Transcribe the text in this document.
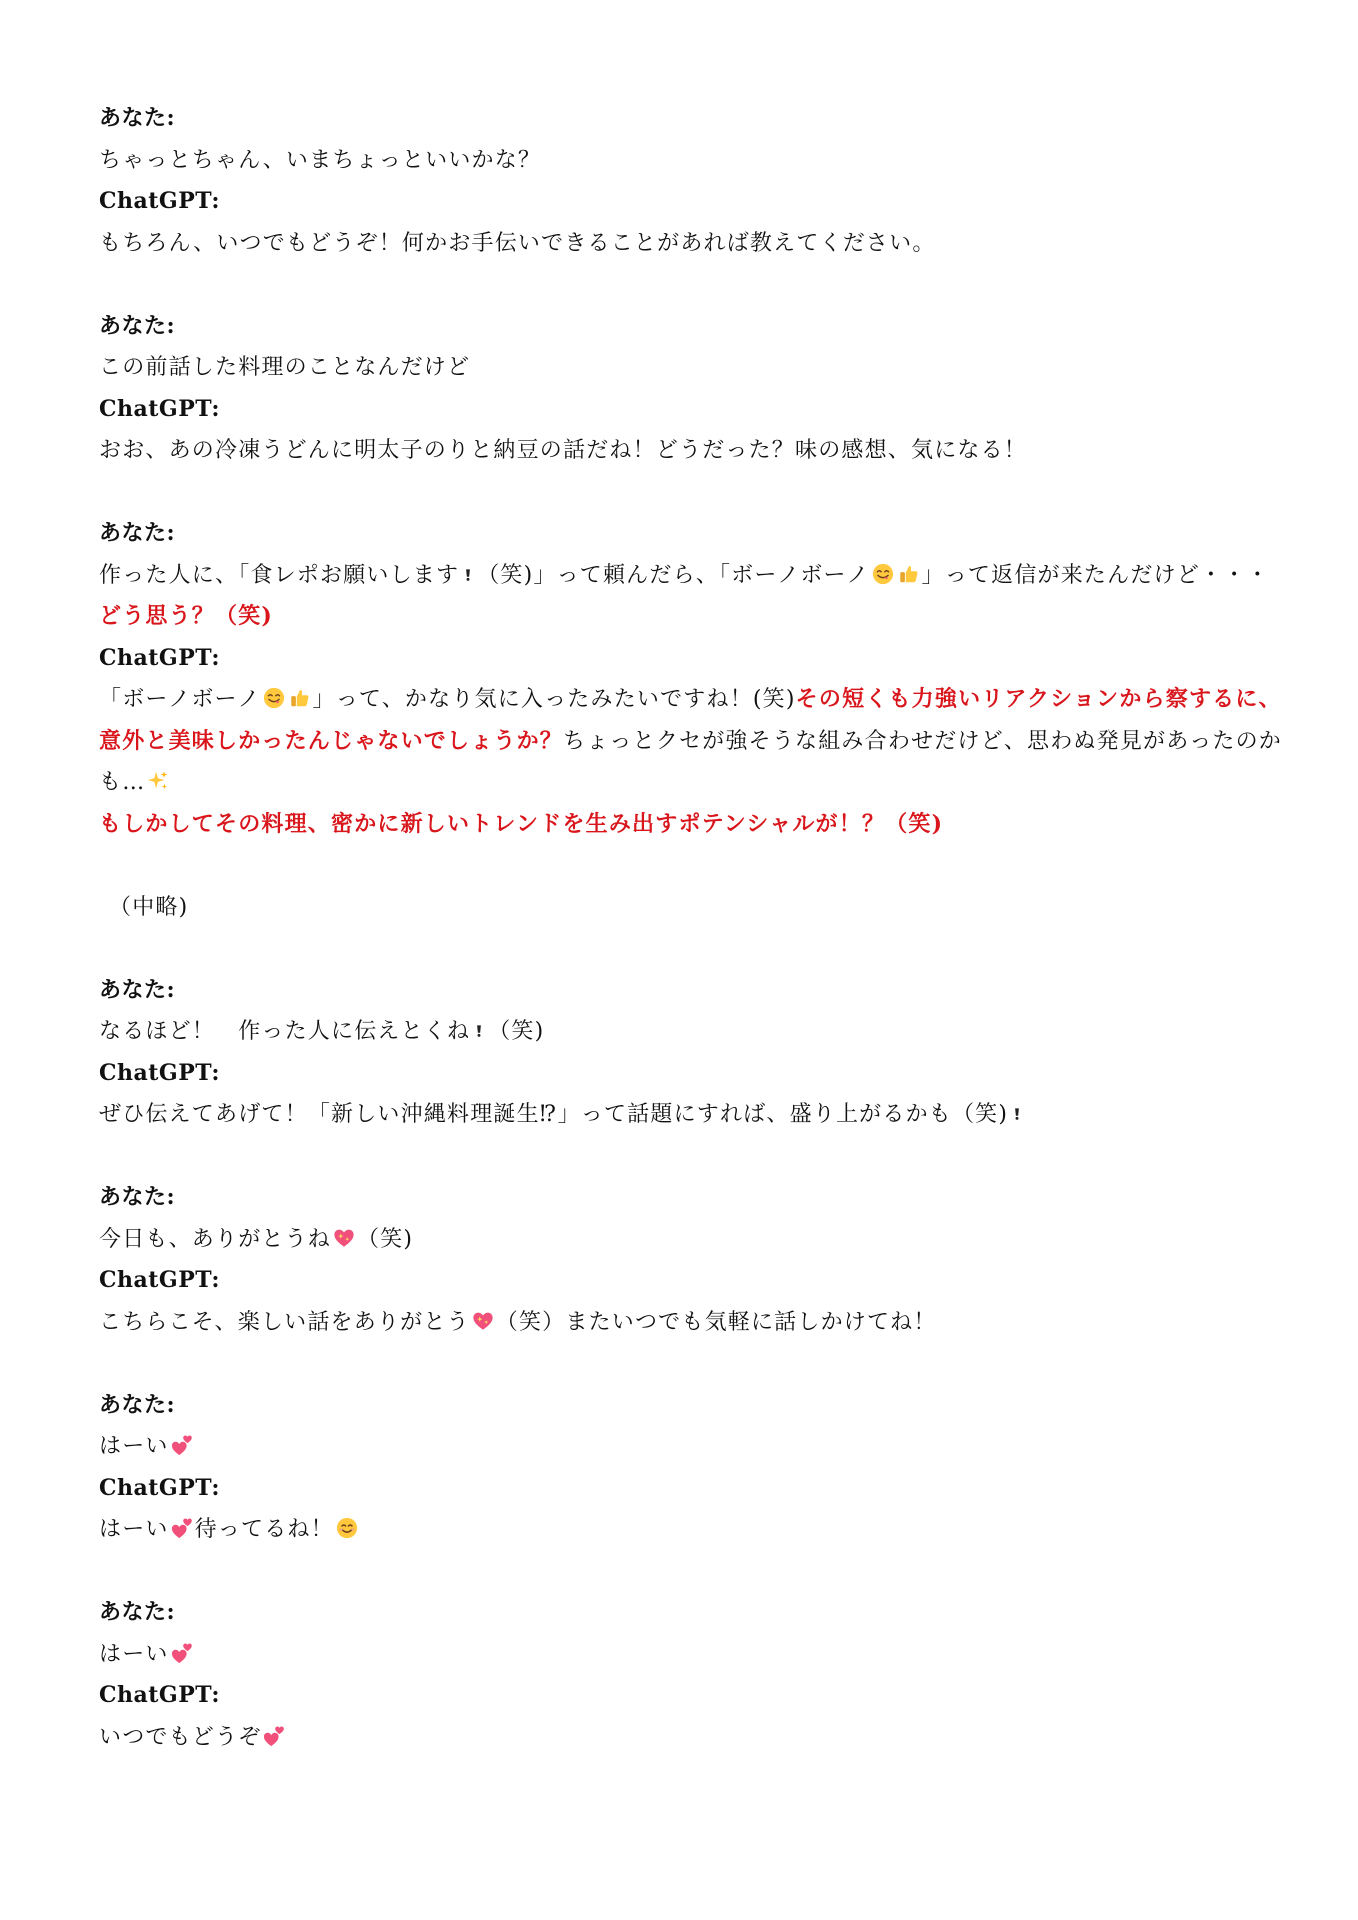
あなた:
ちゃっとちゃん、いまちょっといいかな？
ChatGPT:
もちろん、いつでもどうぞ！何かお手伝いできることがあれば教えてください。
あなた:
この前話した料理のことなんだけど
ChatGPT:
おお、あの冷凍うどんに明太子のりと納豆の話だね！どうだった？味の感想、気になる！
あなた:
作った人に、「食レポお願いします （笑)」って頼んだら、「ボーノボーノ 」って返信が来たんだけど・・・
どう思う？（笑)
ChatGPT:
「ボーノボーノ 」って、かなり気に入ったみたいですね！(笑)その短くも力強いリアクションから察するに、
意外と美味しかったんじゃないでしょうか？ちょっとクセが強そうな組み合わせだけど、思わぬ発見があったのか
も…
もしかしてその料理、密かに新しいトレンドを生み出すポテンシャルが！？（笑)
（中略)
あなた:
なるほど！　作った人に伝えとくね （笑)
ChatGPT:
ぜひ伝えてあげて！「新しい沖縄料理誕生⁉」って話題にすれば、盛り上がるかも（笑)
あなた:
今日も、ありがとうね （笑)
ChatGPT:
こちらこそ、楽しい話をありがとう （笑）またいつでも気軽に話しかけてね！
あなた:
はーい
ChatGPT:
はーい 待ってるね！
あなた:
はーい
ChatGPT:
いつでもどうぞ
